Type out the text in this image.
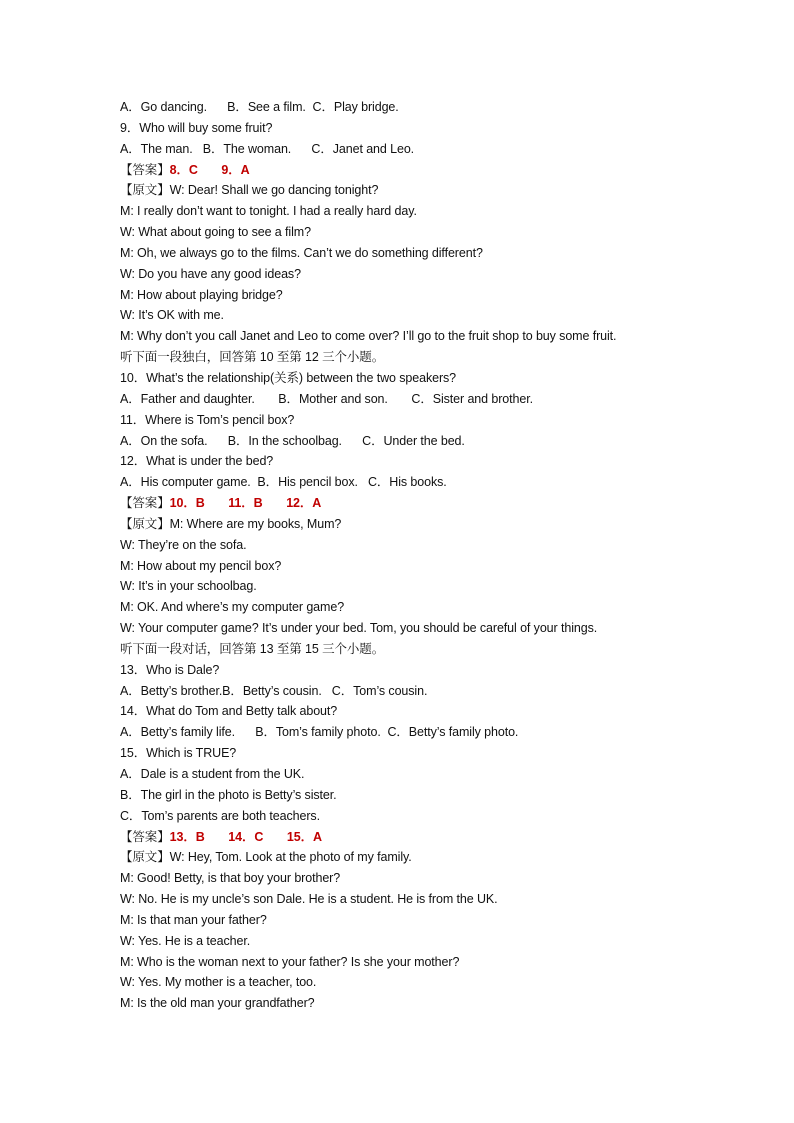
A．Go dancing.      B．See a film.  C．Play bridge.
9．Who will buy some fruit?
A．The man.   B．The woman.      C．Janet and Leo.
【答案】8．C       9．A
【原文】W: Dear! Shall we go dancing tonight?
M: I really don’t want to tonight. I had a really hard day.
W: What about going to see a film?
M: Oh, we always go to the films. Can’t we do something different?
W: Do you have any good ideas?
M: How about playing bridge?
W: It’s OK with me.
M: Why don’t you call Janet and Leo to come over? I’ll go to the fruit shop to buy some fruit.
听下面一段独白，回答第 10 至第 12 三个小题。
10．What’s the relationship(关系) between the two speakers?
A．Father and daughter.       B．Mother and son.       C．Sister and brother.
11．Where is Tom’s pencil box?
A．On the sofa.      B．In the schoolbag.      C．Under the bed.
12．What is under the bed?
A．His computer game.  B．His pencil box.   C．His books.
【答案】10．B       11．B       12．A
【原文】M: Where are my books, Mum?
W: They’re on the sofa.
M: How about my pencil box?
W: It’s in your schoolbag.
M: OK. And where’s my computer game?
W: Your computer game? It’s under your bed. Tom, you should be careful of your things.
听下面一段对话，回答第 13 至第 15 三个小题。
13．Who is Dale?
A．Betty’s brother.B．Betty’s cousin.   C．Tom’s cousin.
14．What do Tom and Betty talk about?
A．Betty’s family life.      B．Tom’s family photo.  C．Betty’s family photo.
15．Which is TRUE?
A．Dale is a student from the UK.
B．The girl in the photo is Betty’s sister.
C．Tom’s parents are both teachers.
【答案】13．B       14．C       15．A
【原文】W: Hey, Tom. Look at the photo of my family.
M: Good! Betty, is that boy your brother?
W: No. He is my uncle’s son Dale. He is a student. He is from the UK.
M: Is that man your father?
W: Yes. He is a teacher.
M: Who is the woman next to your father? Is she your mother?
W: Yes. My mother is a teacher, too.
M: Is the old man your grandfather?
